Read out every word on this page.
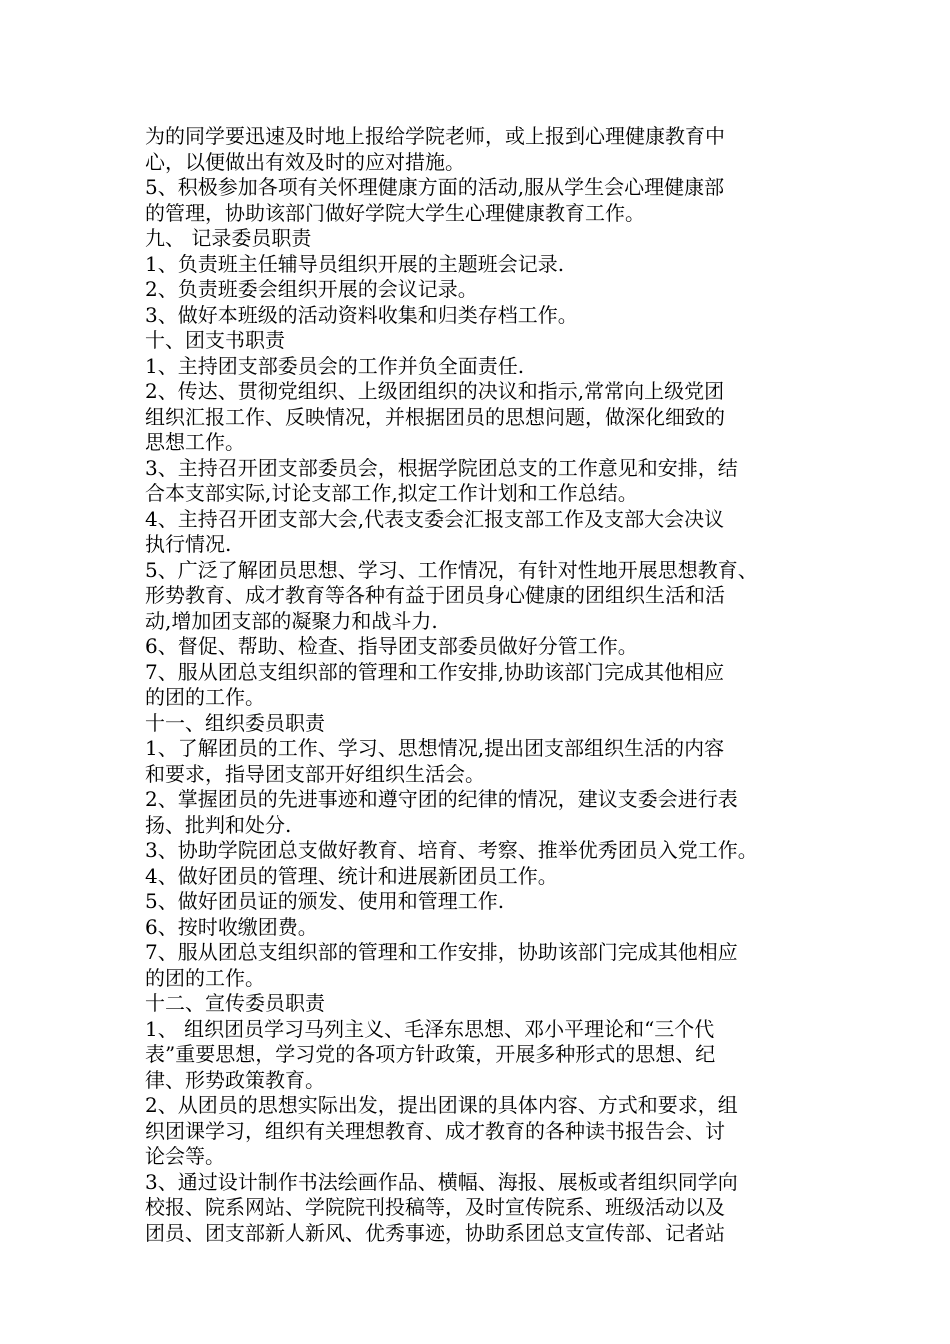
为的同学要迅速及时地上报给学院老师，或上报到心理健康教育中
心，以便做出有效及时的应对措施。
5、积极参加各项有关怀理健康方面的活动,服从学生会心理健康部
的管理，协助该部门做好学院大学生心理健康教育工作。
九、 记录委员职责
1、负责班主任辅导员组织开展的主题班会记录.
2、负责班委会组织开展的会议记录。
3、做好本班级的活动资料收集和归类存档工作。
十、团支书职责
1、主持团支部委员会的工作并负全面责任.
2、传达、贯彻党组织、上级团组织的决议和指示,常常向上级党团
组织汇报工作、反映情况，并根据团员的思想问题，做深化细致的
思想工作。
3、主持召开团支部委员会，根据学院团总支的工作意见和安排，结
合本支部实际,讨论支部工作,拟定工作计划和工作总结。
4、主持召开团支部大会,代表支委会汇报支部工作及支部大会决议
执行情况.
5、广泛了解团员思想、学习、工作情况，有针对性地开展思想教育、
形势教育、成才教育等各种有益于团员身心健康的团组织生活和活
动,增加团支部的凝聚力和战斗力.
6、督促、帮助、检查、指导团支部委员做好分管工作。
7、服从团总支组织部的管理和工作安排,协助该部门完成其他相应
的团的工作。
十一、组织委员职责
1、了解团员的工作、学习、思想情况,提出团支部组织生活的内容
和要求，指导团支部开好组织生活会。
2、掌握团员的先进事迹和遵守团的纪律的情况，建议支委会进行表
扬、批判和处分.
3、协助学院团总支做好教育、培育、考察、推举优秀团员入党工作。
4、做好团员的管理、统计和进展新团员工作。
5、做好团员证的颁发、使用和管理工作.
6、按时收缴团费。
7、服从团总支组织部的管理和工作安排，协助该部门完成其他相应
的团的工作。
十二、宣传委员职责
1、 组织团员学习马列主义、毛泽东思想、邓小平理论和“三个代
表”重要思想，学习党的各项方针政策，开展多种形式的思想、纪
律、形势政策教育。
2、从团员的思想实际出发，提出团课的具体内容、方式和要求，组
织团课学习，组织有关理想教育、成才教育的各种读书报告会、讨
论会等。
3、通过设计制作书法绘画作品、横幅、海报、展板或者组织同学向
校报、院系网站、学院院刊投稿等，及时宣传院系、班级活动以及
团员、团支部新人新风、优秀事迹，协助系团总支宣传部、记者站
